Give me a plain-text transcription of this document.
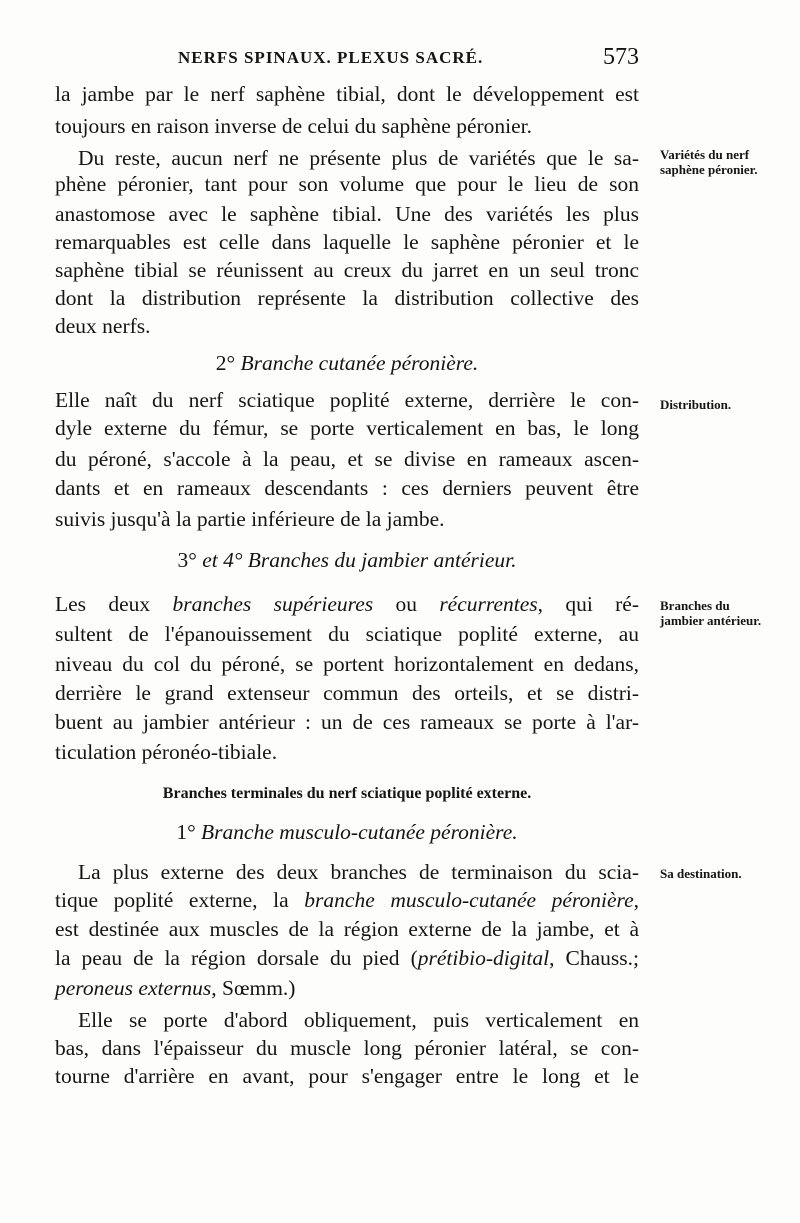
NERFS SPINAUX. PLEXUS SACRÉ.	573
la jambe par le nerf saphène tibial, dont le développement est
toujours en raison inverse de celui du saphène péronier.
Du reste, aucun nerf ne présente plus de variétés que le sa-
phène péronier, tant pour son volume que pour le lieu de son
anastomose avec le saphène tibial. Une des variétés les plus
remarquables est celle dans laquelle le saphène péronier et le
saphène tibial se réunissent au creux du jarret en un seul tronc
dont la distribution représente la distribution collective des
deux nerfs.
2° Branche cutanée péronière.
Elle naît du nerf sciatique poplité externe, derrière le con-
dyle externe du fémur, se porte verticalement en bas, le long
du péroné, s'accole à la peau, et se divise en rameaux ascen-
dants et en rameaux descendants : ces derniers peuvent être
suivis jusqu'à la partie inférieure de la jambe.
3° et 4° Branches du jambier antérieur.
Les deux branches supérieures ou récurrentes, qui ré-
sultent de l'épanouissement du sciatique poplité externe, au
niveau du col du péroné, se portent horizontalement en dedans,
derrière le grand extenseur commun des orteils, et se distri-
buent au jambier antérieur : un de ces rameaux se porte à l'ar-
ticulation péronéo-tibiale.
Branches terminales du nerf sciatique poplité externe.
1° Branche musculo-cutanée péronière.
La plus externe des deux branches de terminaison du scia-
tique poplité externe, la branche musculo-cutanée péronière,
est destinée aux muscles de la région externe de la jambe, et à
la peau de la région dorsale du pied (prétibio-digital, Chauss.;
peroneus externus, Sœmm.)
Elle se porte d'abord obliquement, puis verticalement en
bas, dans l'épaisseur du muscle long péronier latéral, se con-
tourne d'arrière en avant, pour s'engager entre le long et le
Variétés du nerf saphène péronier.
Distribution.
Branches du jambier antérieur.
Sa destination.
